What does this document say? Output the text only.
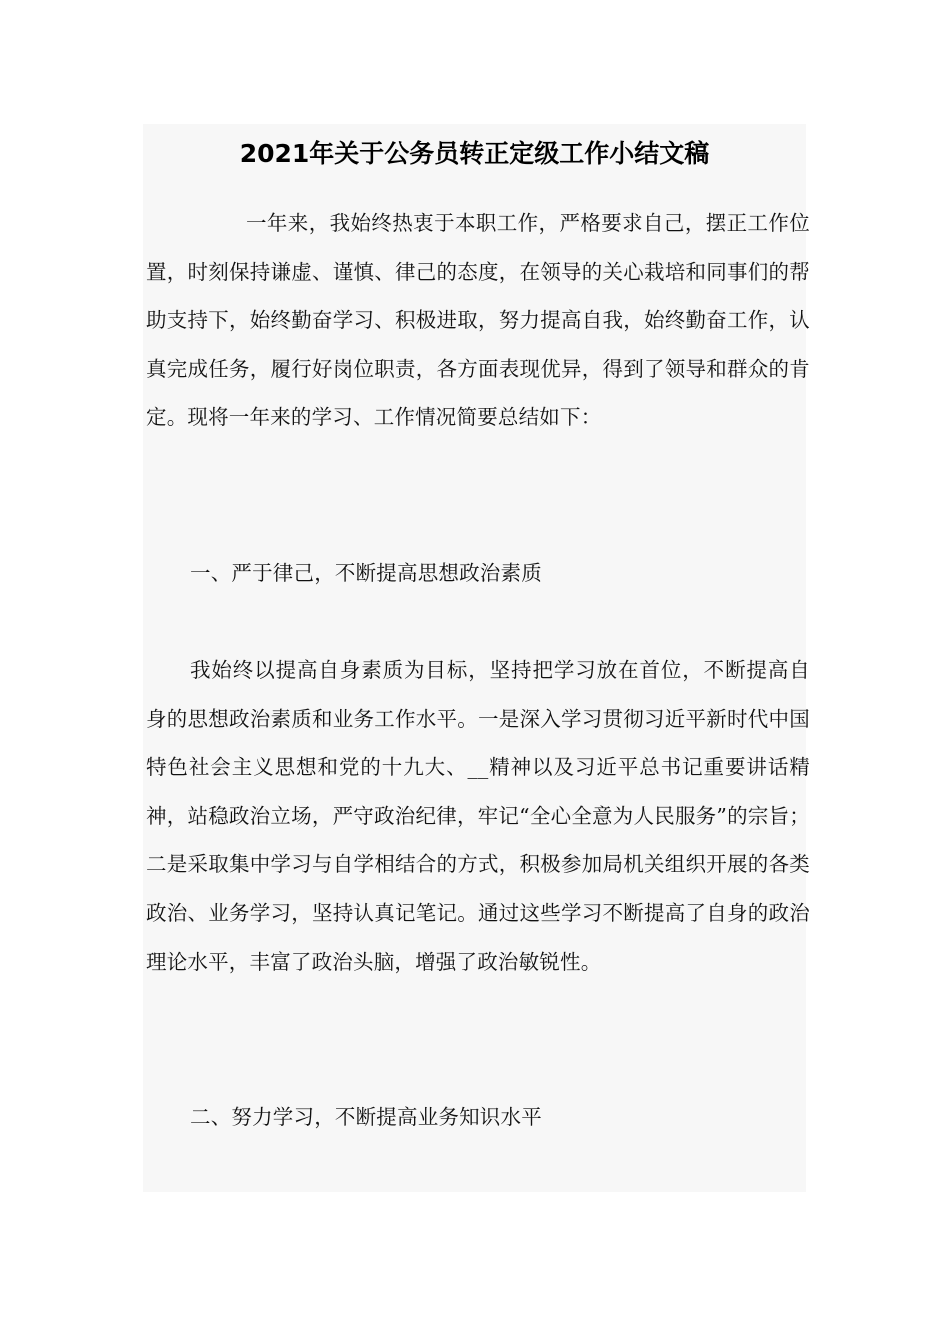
2021年关于公务员转正定级工作小结文稿

一年来，我始终热衷于本职工作，严格要求自己，摆正工作位置，时刻保持谦虚、谨慎、律己的态度，在领导的关心栽培和同事们的帮助支持下，始终勤奋学习、积极进取，努力提高自我，始终勤奋工作，认真完成任务，履行好岗位职责，各方面表现优异，得到了领导和群众的肯定。现将一年来的学习、工作情况简要总结如下：

一、严于律己，不断提高思想政治素质

我始终以提高自身素质为目标，坚持把学习放在首位，不断提高自身的思想政治素质和业务工作水平。一是深入学习贯彻习近平新时代中国特色社会主义思想和党的十九大、__精神以及习近平总书记重要讲话精神，站稳政治立场，严守政治纪律，牢记“全心全意为人民服务”的宗旨；二是采取集中学习与自学相结合的方式，积极参加局机关组织开展的各类政治、业务学习，坚持认真记笔记。通过这些学习不断提高了自身的政治理论水平，丰富了政治头脑，增强了政治敏锐性。

二、努力学习，不断提高业务知识水平
